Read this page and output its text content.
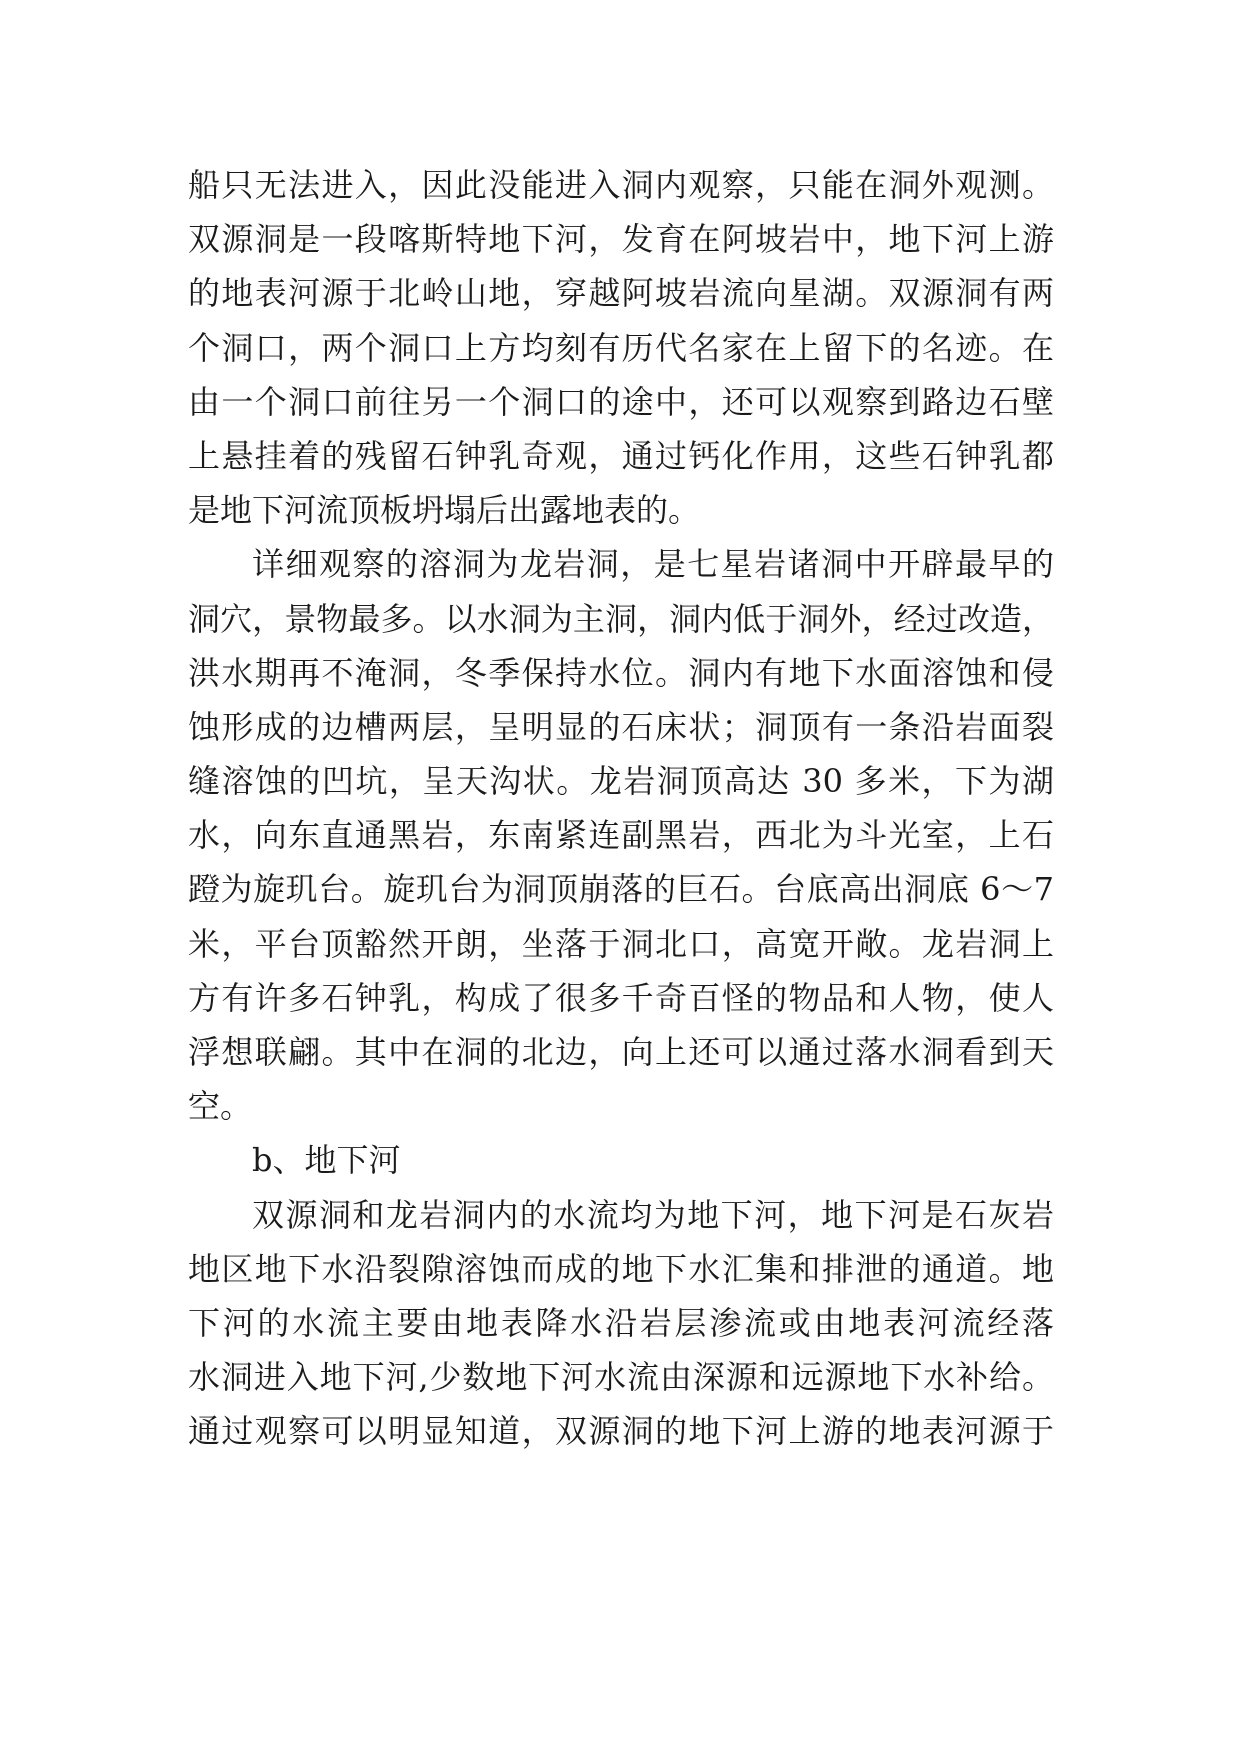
船只无法进入，因此没能进入洞内观察，只能在洞外观测。
双源洞是一段喀斯特地下河，发育在阿坡岩中，地下河上游
的地表河源于北岭山地，穿越阿坡岩流向星湖。双源洞有两
个洞口，两个洞口上方均刻有历代名家在上留下的名迹。在
由一个洞口前往另一个洞口的途中，还可以观察到路边石壁
上悬挂着的残留石钟乳奇观，通过钙化作用，这些石钟乳都
是地下河流顶板坍塌后出露地表的。
详细观察的溶洞为龙岩洞，是七星岩诸洞中开辟最早的
洞穴，景物最多。以水洞为主洞，洞内低于洞外，经过改造，
洪水期再不淹洞，冬季保持水位。洞内有地下水面溶蚀和侵
蚀形成的边槽两层，呈明显的石床状；洞顶有一条沿岩面裂
缝溶蚀的凹坑，呈天沟状。龙岩洞顶高达 30 多米，下为湖
水，向东直通黑岩，东南紧连副黑岩，西北为斗光室，上石
蹬为旋玑台。旋玑台为洞顶崩落的巨石。台底高出洞底 6～7
米，平台顶豁然开朗，坐落于洞北口，高宽开敞。龙岩洞上
方有许多石钟乳，构成了很多千奇百怪的物品和人物，使人
浮想联翩。其中在洞的北边，向上还可以通过落水洞看到天
空。
b、地下河
双源洞和龙岩洞内的水流均为地下河，地下河是石灰岩
地区地下水沿裂隙溶蚀而成的地下水汇集和排泄的通道。地
下河的水流主要由地表降水沿岩层渗流或由地表河流经落
水洞进入地下河,少数地下河水流由深源和远源地下水补给。
通过观察可以明显知道，双源洞的地下河上游的地表河源于
